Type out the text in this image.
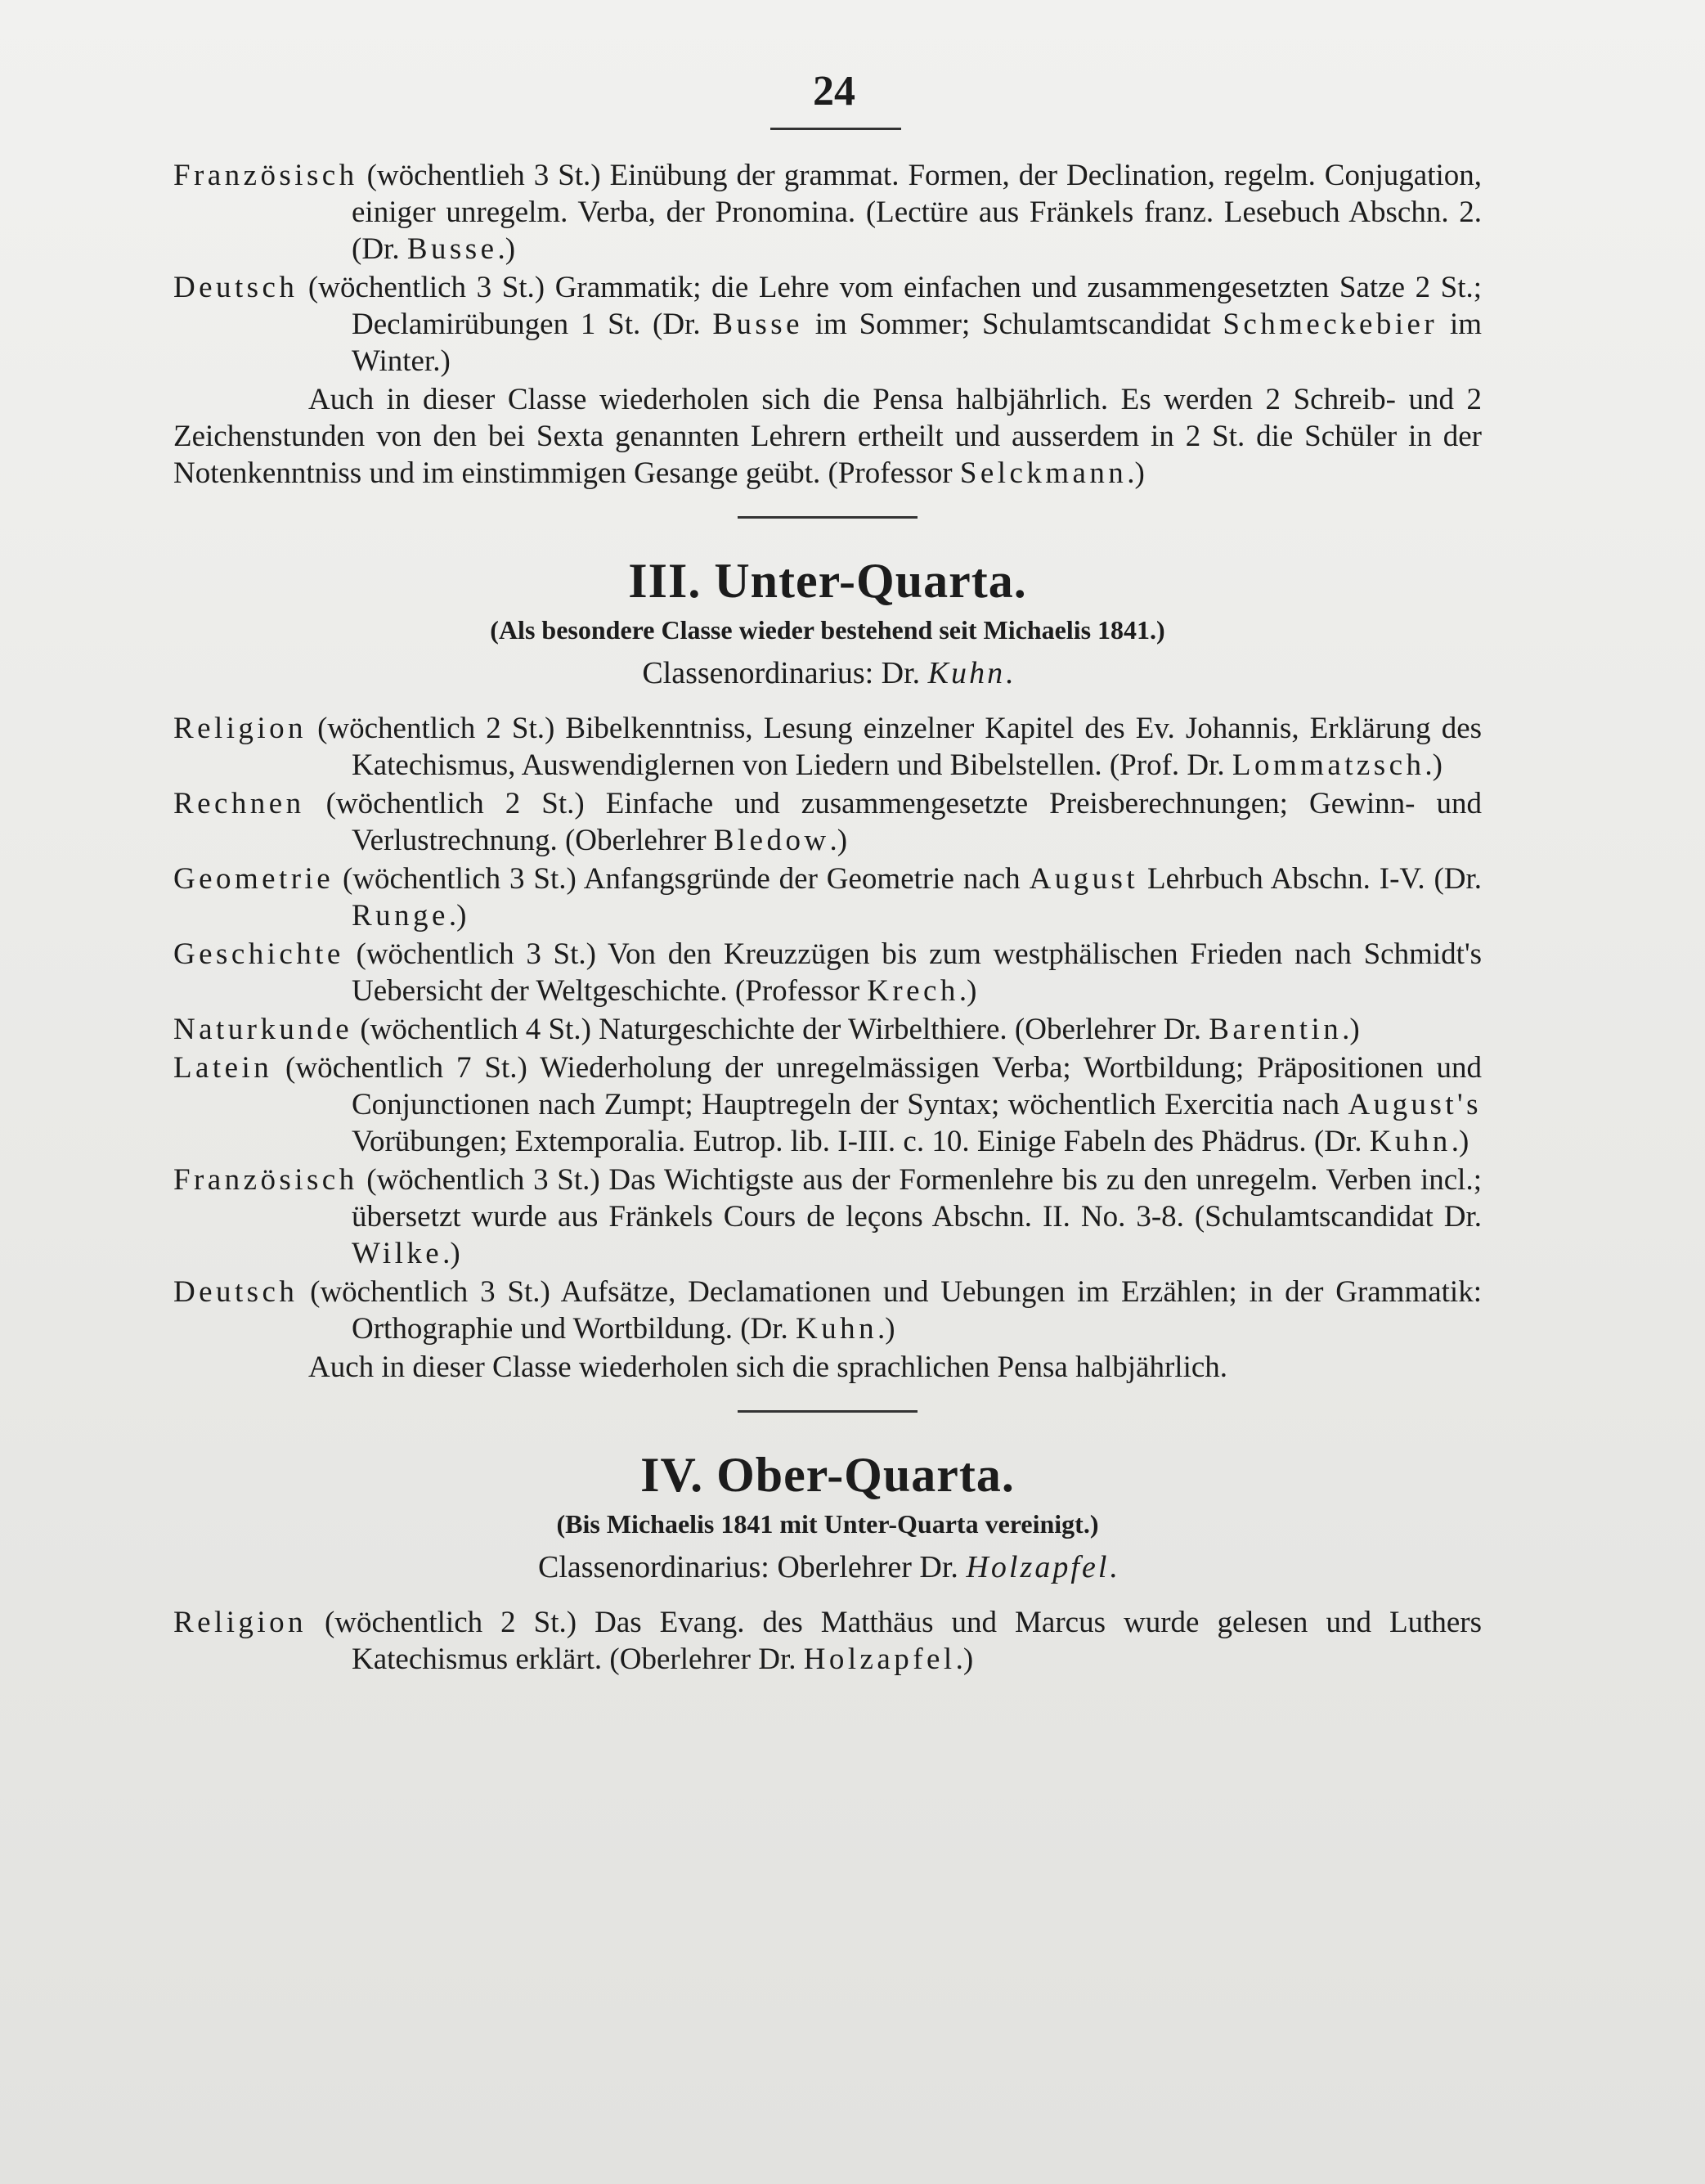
24

Französisch (wöchentlieh 3 St.) Einübung der grammat. Formen, der Declination, regelm. Conjugation, einiger unregelm. Verba, der Pronomina. (Lectüre aus Fränkels franz. Lesebuch Abschn. 2. (Dr. Busse.)

Deutsch (wöchentlich 3 St.) Grammatik; die Lehre vom einfachen und zusammengesetzten Satze 2 St.; Declamirübungen 1 St. (Dr. Busse im Sommer; Schulamtscandidat Schmeckebier im Winter.)

Auch in dieser Classe wiederholen sich die Pensa halbjährlich. Es werden 2 Schreib- und 2 Zeichenstunden von den bei Sexta genannten Lehrern ertheilt und ausserdem in 2 St. die Schüler in der Notenkenntniss und im einstimmigen Gesange geübt. (Professor Selckmann.)

III. Unter-Quarta.
(Als besondere Classe wieder bestehend seit Michaelis 1841.)
Classenordinarius: Dr. Kuhn.

Religion (wöchentlich 2 St.) Bibelkenntniss, Lesung einzelner Kapitel des Ev. Johannis, Erklärung des Katechismus, Auswendiglernen von Liedern und Bibelstellen. (Prof. Dr. Lommatzsch.)

Rechnen (wöchentlich 2 St.) Einfache und zusammengesetzte Preisberechnungen; Gewinn- und Verlustrechnung. (Oberlehrer Bledow.)

Geometrie (wöchentlich 3 St.) Anfangsgründe der Geometrie nach August Lehrbuch Abschn. I-V. (Dr. Runge.)

Geschichte (wöchentlich 3 St.) Von den Kreuzzügen bis zum westphälischen Frieden nach Schmidt's Uebersicht der Weltgeschichte. (Professor Krech.)

Naturkunde (wöchentlich 4 St.) Naturgeschichte der Wirbelthiere. (Oberlehrer Dr. Barentin.)

Latein (wöchentlich 7 St.) Wiederholung der unregelmässigen Verba; Wortbildung; Präpositionen und Conjunctionen nach Zumpt; Hauptregeln der Syntax; wöchentlich Exercitia nach August's Vorübungen; Extemporalia. Eutrop. lib. I-III. c. 10. Einige Fabeln des Phädrus. (Dr. Kuhn.)

Französisch (wöchentlich 3 St.) Das Wichtigste aus der Formenlehre bis zu den unregelm. Verben incl.; übersetzt wurde aus Fränkels Cours de leçons Abschn. II. No. 3-8. (Schulamtscandidat Dr. Wilke.)

Deutsch (wöchentlich 3 St.) Aufsätze, Declamationen und Uebungen im Erzählen; in der Grammatik: Orthographie und Wortbildung. (Dr. Kuhn.)

Auch in dieser Classe wiederholen sich die sprachlichen Pensa halbjährlich.

IV. Ober-Quarta.
(Bis Michaelis 1841 mit Unter-Quarta vereinigt.)
Classenordinarius: Oberlehrer Dr. Holzapfel.

Religion (wöchentlich 2 St.) Das Evang. des Matthäus und Marcus wurde gelesen und Luthers Katechismus erklärt. (Oberlehrer Dr. Holzapfel.)
